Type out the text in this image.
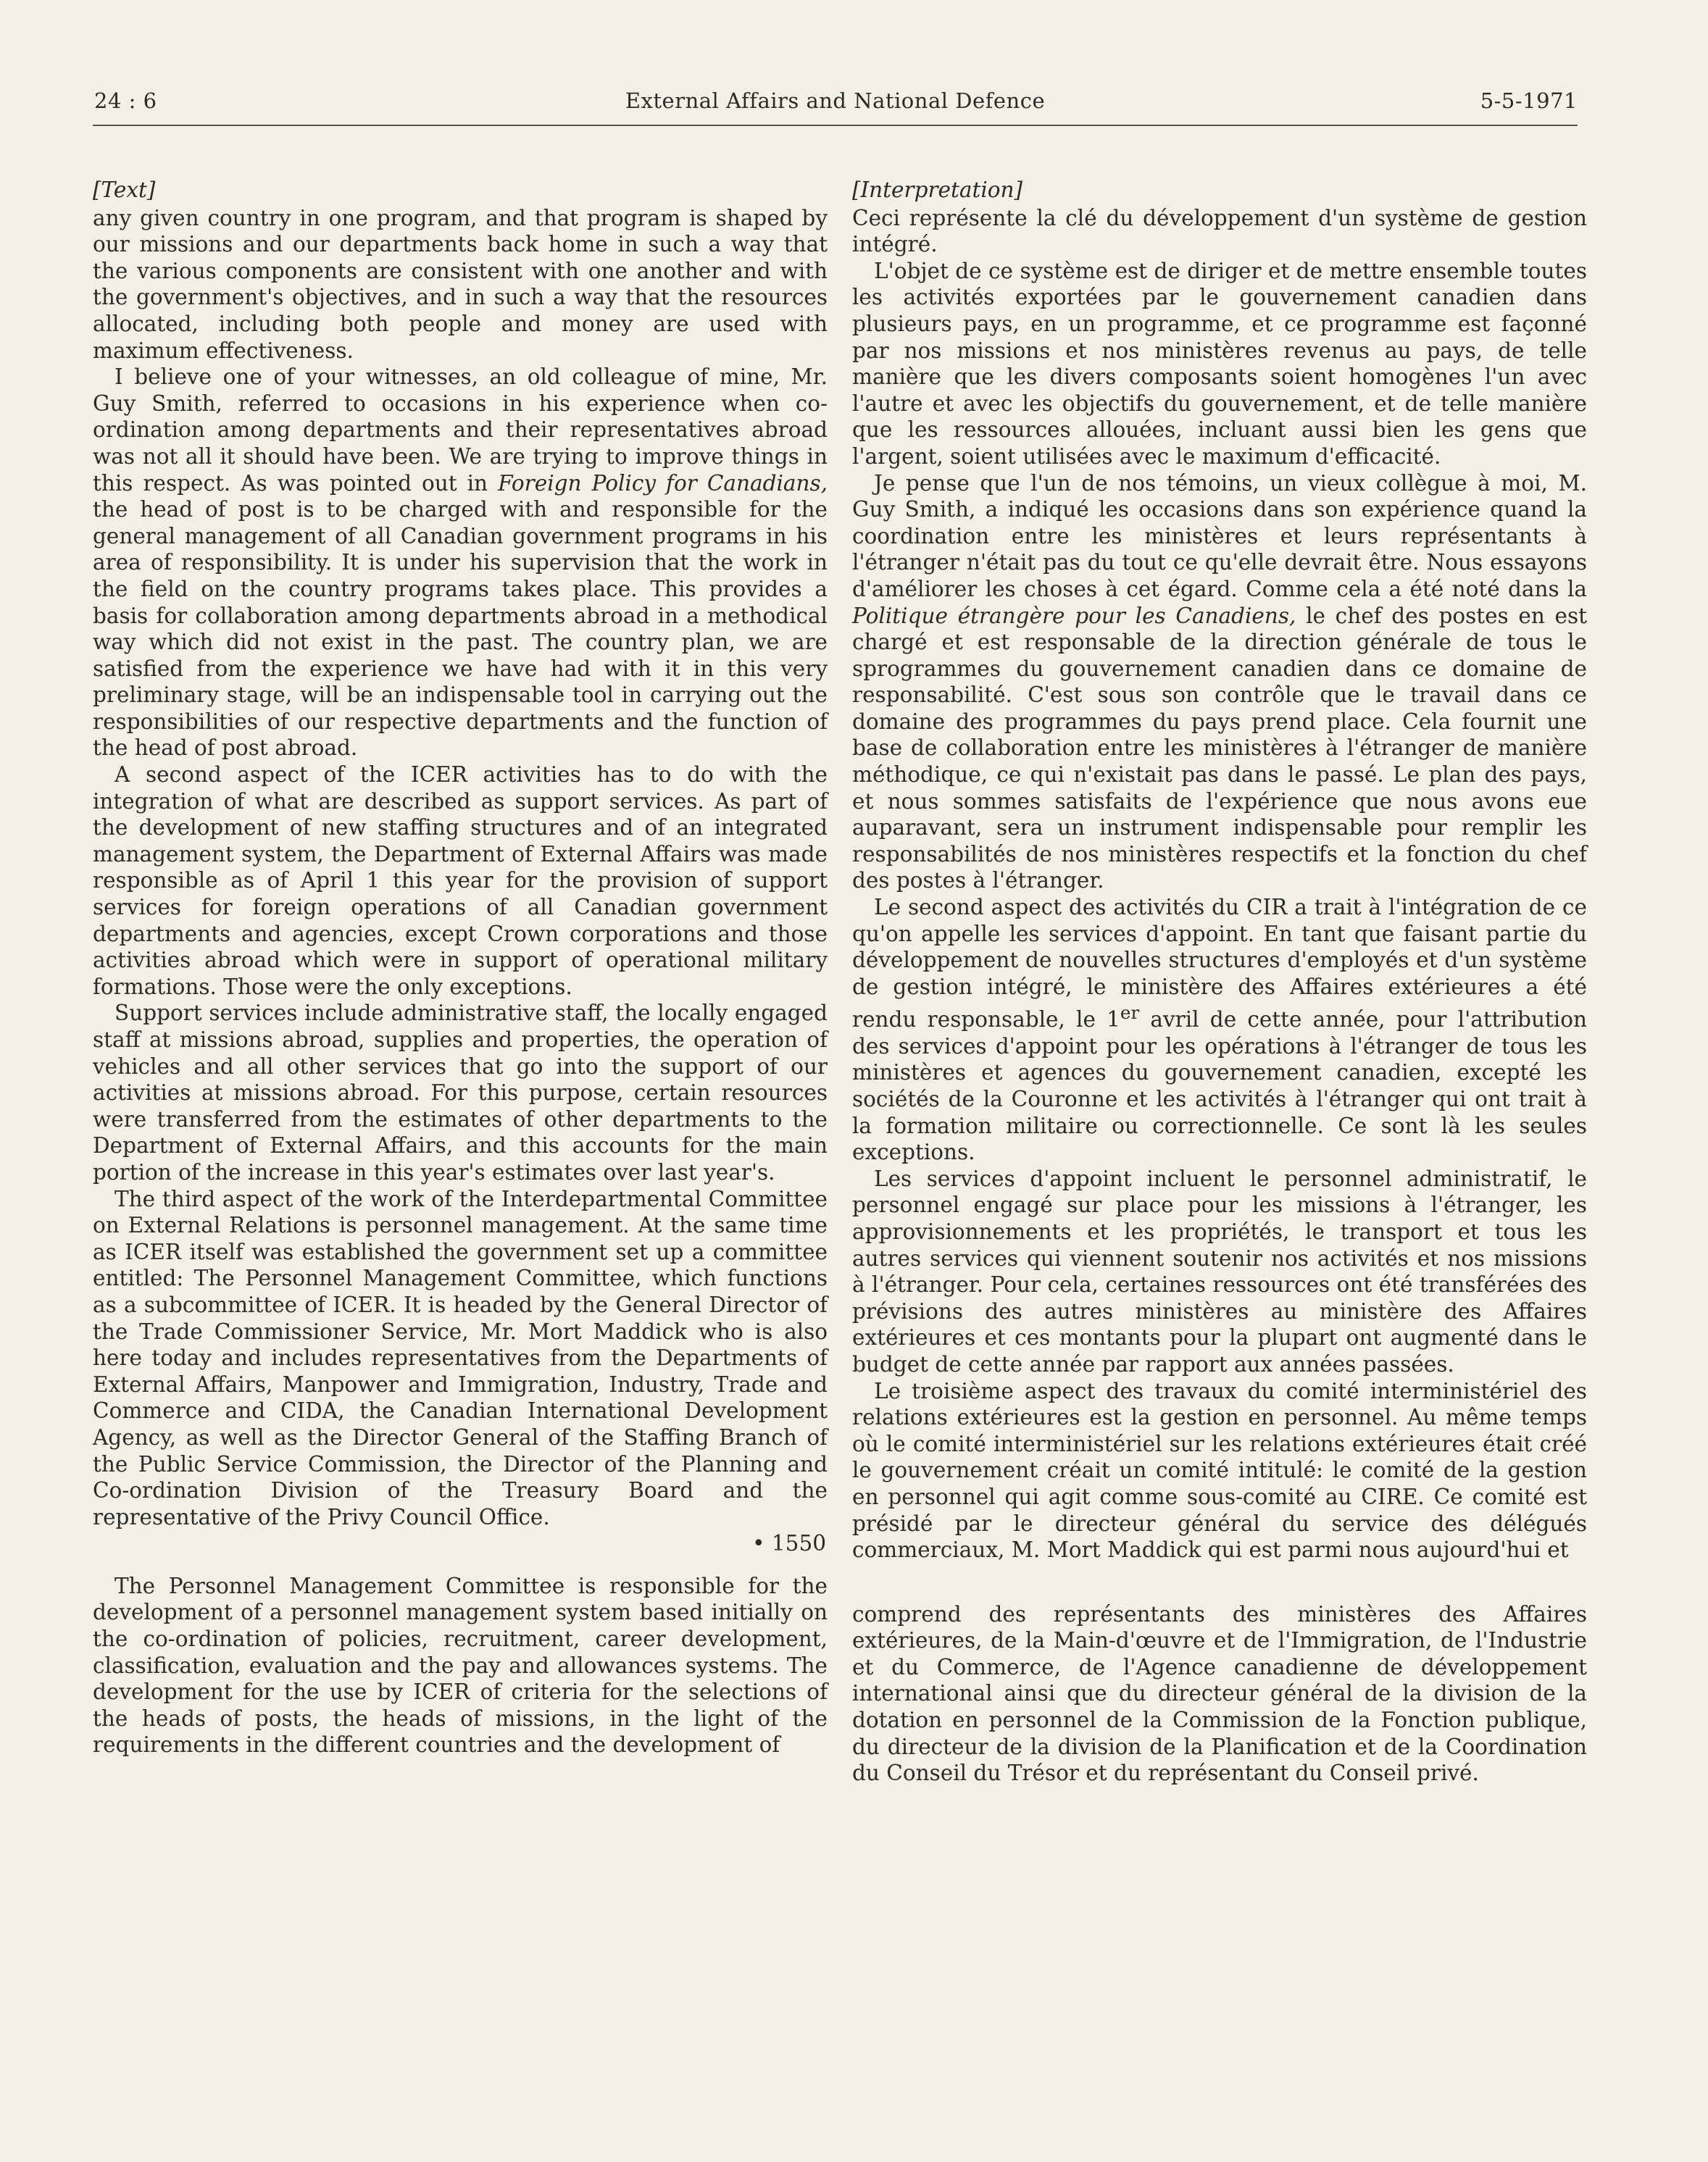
24 : 6	External Affairs and National Defence	5-5-1971
[Text]

any given country in one program, and that program is shaped by our missions and our departments back home in such a way that the various components are consistent with one another and with the government's objectives, and in such a way that the resources allocated, including both people and money are used with maximum effectiveness.

I believe one of your witnesses, an old colleague of mine, Mr. Guy Smith, referred to occasions in his experience when co-ordination among departments and their representatives abroad was not all it should have been. We are trying to improve things in this respect. As was pointed out in Foreign Policy for Canadians, the head of post is to be charged with and responsible for the general management of all Canadian government programs in his area of responsibility. It is under his supervision that the work in the field on the country programs takes place. This provides a basis for collaboration among departments abroad in a methodical way which did not exist in the past. The country plan, we are satisfied from the experience we have had with it in this very preliminary stage, will be an indispensable tool in carrying out the responsibilities of our respective departments and the function of the head of post abroad.

A second aspect of the ICER activities has to do with the integration of what are described as support services. As part of the development of new staffing structures and of an integrated management system, the Department of External Affairs was made responsible as of April 1 this year for the provision of support services for foreign operations of all Canadian government departments and agencies, except Crown corporations and those activities abroad which were in support of operational military formations. Those were the only exceptions.

Support services include administrative staff, the locally engaged staff at missions abroad, supplies and properties, the operation of vehicles and all other services that go into the support of our activities at missions abroad. For this purpose, certain resources were transferred from the estimates of other departments to the Department of External Affairs, and this accounts for the main portion of the increase in this year's estimates over last year's.

The third aspect of the work of the Interdepartmental Committee on External Relations is personnel management. At the same time as ICER itself was established the government set up a committee entitled: The Personnel Management Committee, which functions as a subcommittee of ICER. It is headed by the General Director of the Trade Commissioner Service, Mr. Mort Maddick who is also here today and includes representatives from the Departments of External Affairs, Manpower and Immigration, Industry, Trade and Commerce and CIDA, the Canadian International Development Agency, as well as the Director General of the Staffing Branch of the Public Service Commission, the Director of the Planning and Co-ordination Division of the Treasury Board and the representative of the Privy Council Office.

• 1550

The Personnel Management Committee is responsible for the development of a personnel management system based initially on the co-ordination of policies, recruitment, career development, classification, evaluation and the pay and allowances systems. The development for the use by ICER of criteria for the selections of the heads of posts, the heads of missions, in the light of the requirements in the different countries and the development of

[Interpretation]

Ceci représente la clé du développement d'un système de gestion intégré.

L'objet de ce système est de diriger et de mettre ensemble toutes les activités exportées par le gouvernement canadien dans plusieurs pays, en un programme, et ce programme est façonné par nos missions et nos ministères revenus au pays, de telle manière que les divers composants soient homogènes l'un avec l'autre et avec les objectifs du gouvernement, et de telle manière que les ressources allouées, incluant aussi bien les gens que l'argent, soient utilisées avec le maximum d'efficacité.

Je pense que l'un de nos témoins, un vieux collègue à moi, M. Guy Smith, a indiqué les occasions dans son expérience quand la coordination entre les ministères et leurs représentants à l'étranger n'était pas du tout ce qu'elle devrait être. Nous essayons d'améliorer les choses à cet égard. Comme cela a été noté dans la Politique étrangère pour les Canadiens, le chef des postes en est chargé et est responsable de la direction générale de tous le sprogrammes du gouvernement canadien dans ce domaine de responsabilité. C'est sous son contrôle que le travail dans ce domaine des programmes du pays prend place. Cela fournit une base de collaboration entre les ministères à l'étranger de manière méthodique, ce qui n'existait pas dans le passé. Le plan des pays, et nous sommes satisfaits de l'expérience que nous avons eue auparavant, sera un instrument indispensable pour remplir les responsabilités de nos ministères respectifs et la fonction du chef des postes à l'étranger.

Le second aspect des activités du CIR a trait à l'intégration de ce qu'on appelle les services d'appoint. En tant que faisant partie du développement de nouvelles structures d'employés et d'un système de gestion intégré, le ministère des Affaires extérieures a été rendu responsable, le 1er avril de cette année, pour l'attribution des services d'appoint pour les opérations à l'étranger de tous les ministères et agences du gouvernement canadien, excepté les sociétés de la Couronne et les activités à l'étranger qui ont trait à la formation militaire ou correctionnelle. Ce sont là les seules exceptions.

Les services d'appoint incluent le personnel administratif, le personnel engagé sur place pour les missions à l'étranger, les approvisionnements et les propriétés, le transport et tous les autres services qui viennent soutenir nos activités et nos missions à l'étranger. Pour cela, certaines ressources ont été transférées des prévisions des autres ministères au ministère des Affaires extérieures et ces montants pour la plupart ont augmenté dans le budget de cette année par rapport aux années passées.

Le troisième aspect des travaux du comité interministériel des relations extérieures est la gestion en personnel. Au même temps où le comité interministériel sur les relations extérieures était créé le gouvernement créait un comité intitulé: le comité de la gestion en personnel qui agit comme sous-comité au CIRE. Ce comité est présidé par le directeur général du service des délégués commerciaux, M. Mort Maddick qui est parmi nous aujourd'hui et

comprend des représentants des ministères des Affaires extérieures, de la Main-d'œuvre et de l'Immigration, de l'Industrie et du Commerce, de l'Agence canadienne de développement international ainsi que du directeur général de la division de la dotation en personnel de la Commission de la Fonction publique, du directeur de la division de la Planification et de la Coordination du Conseil du Trésor et du représentant du Conseil privé.
